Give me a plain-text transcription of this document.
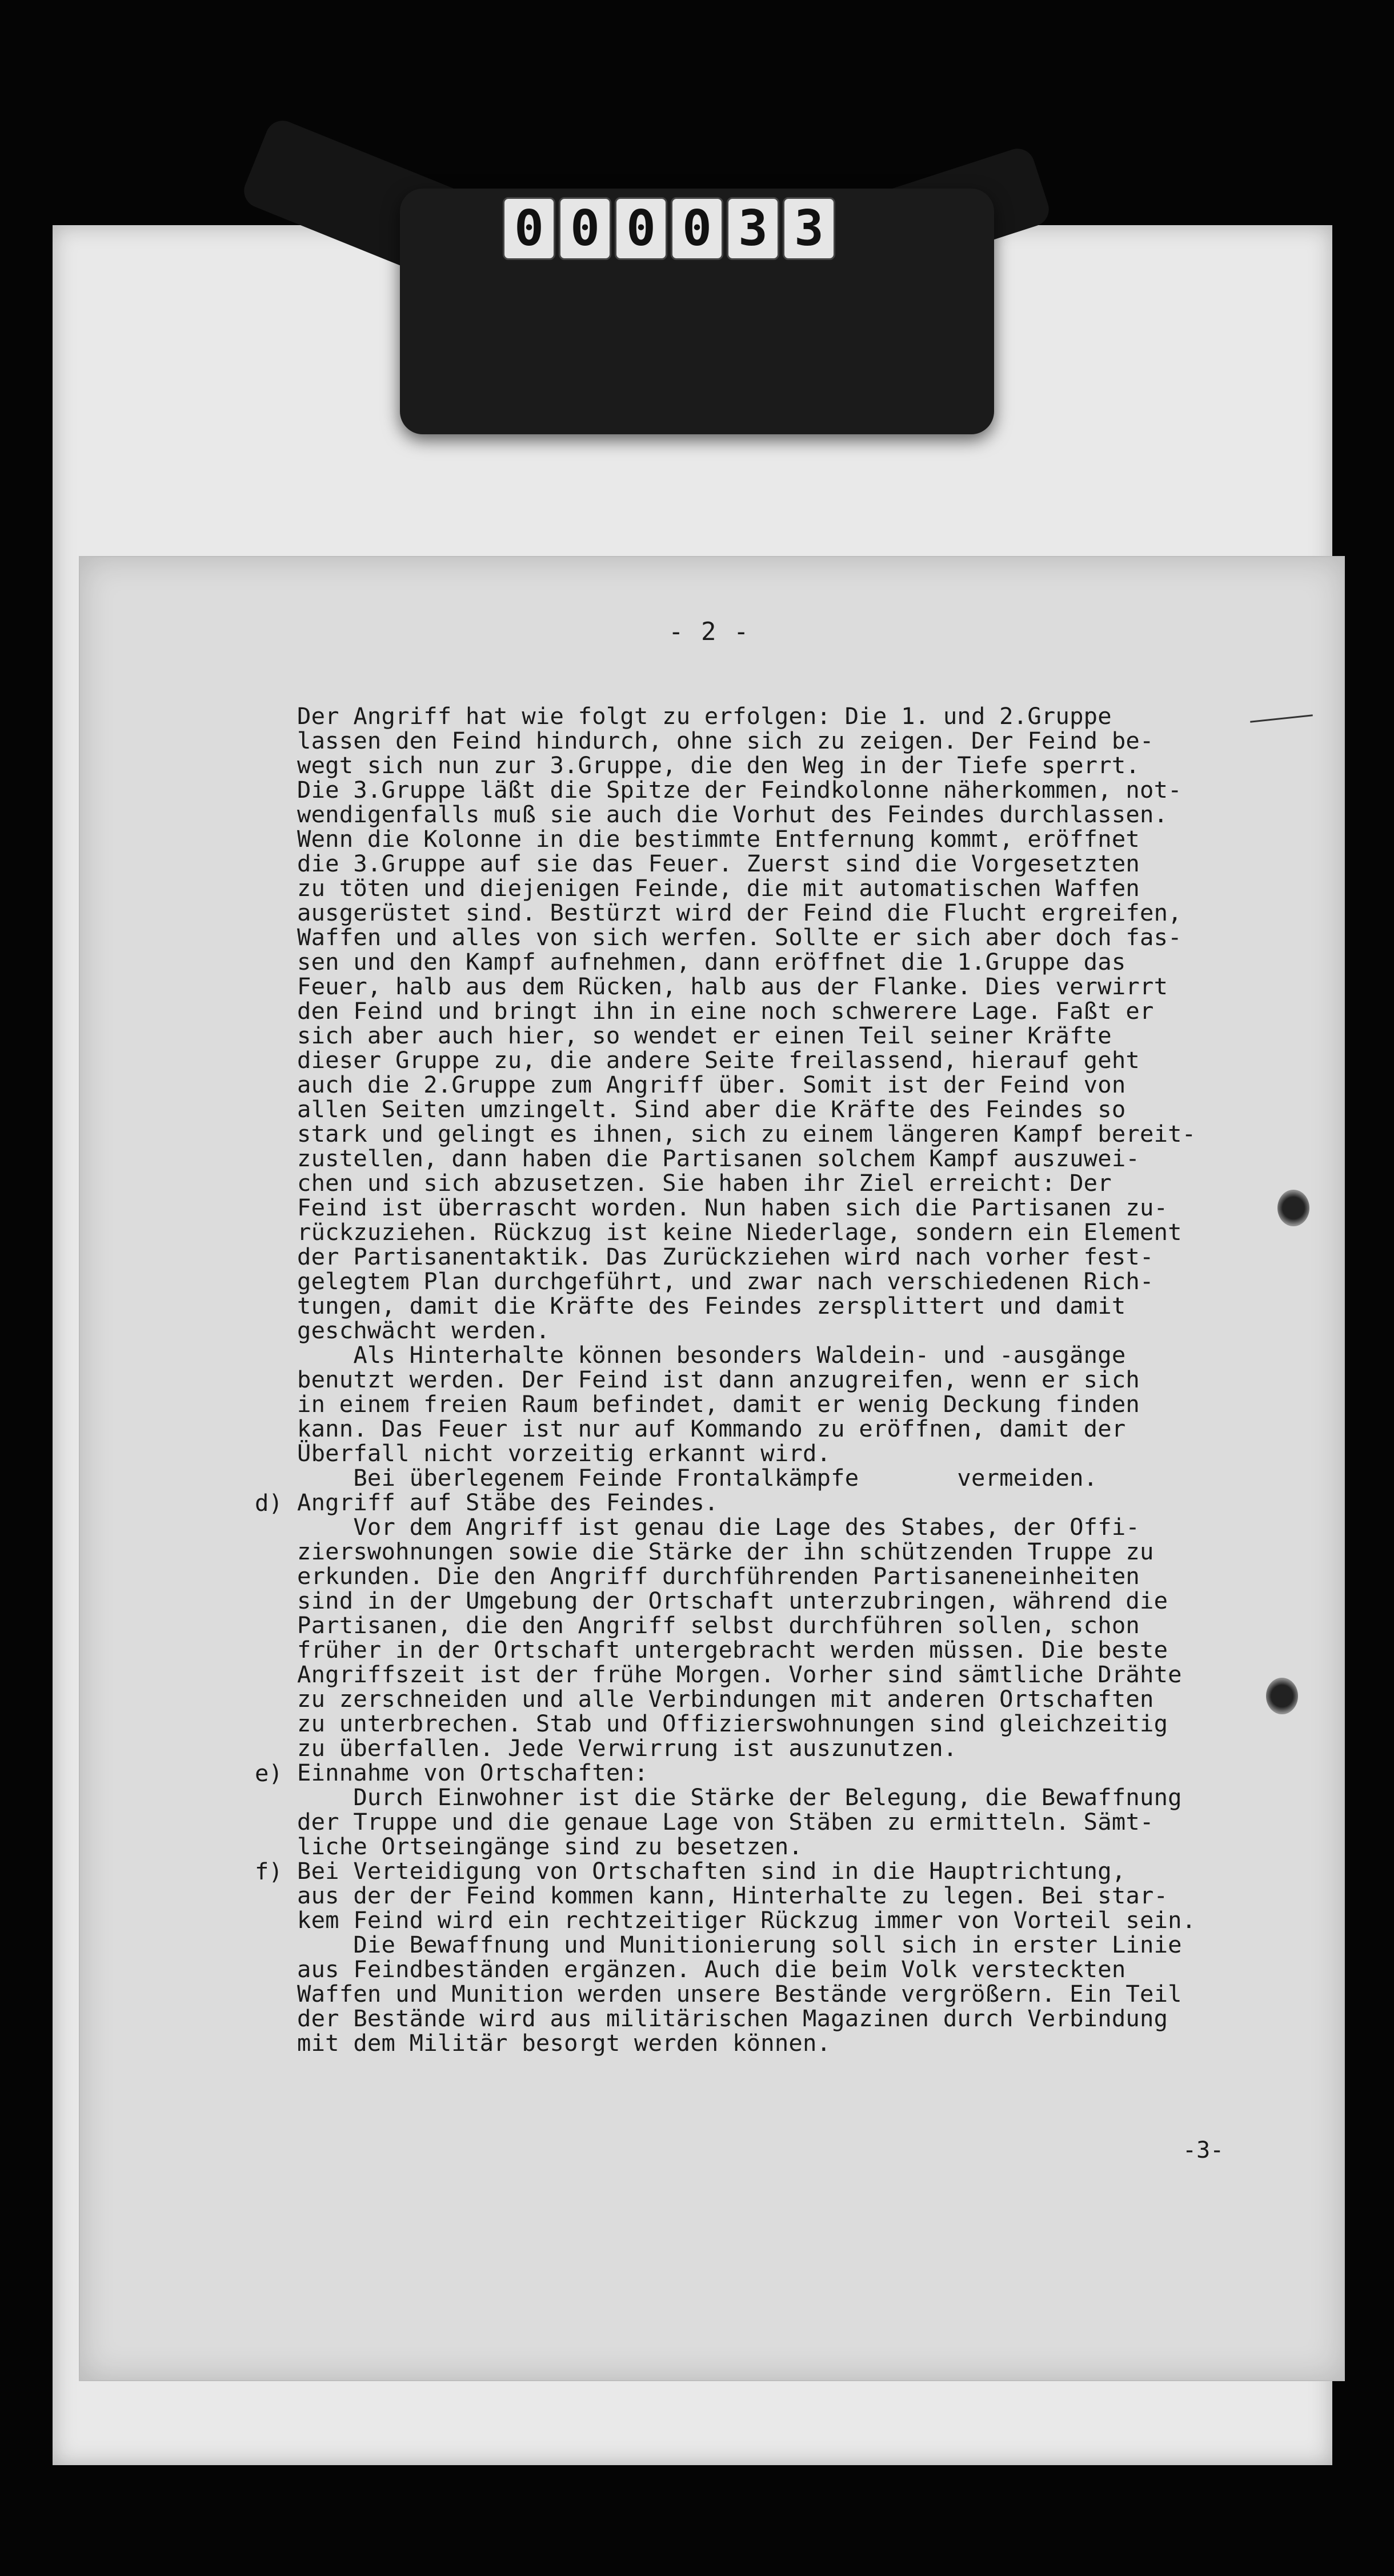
0 0 0 0 3 3
- 2 -
Der Angriff hat wie folgt zu erfolgen: Die 1. und 2.Gruppe
lassen den Feind hindurch, ohne sich zu zeigen. Der Feind be-
wegt sich nun zur 3.Gruppe, die den Weg in der Tiefe sperrt.
Die 3.Gruppe läßt die Spitze der Feindkolonne näherkommen, not-
wendigenfalls muß sie auch die Vorhut des Feindes durchlassen.
Wenn die Kolonne in die bestimmte Entfernung kommt, eröffnet
die 3.Gruppe auf sie das Feuer. Zuerst sind die Vorgesetzten
zu töten und diejenigen Feinde, die mit automatischen Waffen
ausgerüstet sind. Bestürzt wird der Feind die Flucht ergreifen,
Waffen und alles von sich werfen. Sollte er sich aber doch fas-
sen und den Kampf aufnehmen, dann eröffnet die 1.Gruppe das
Feuer, halb aus dem Rücken, halb aus der Flanke. Dies verwirrt
den Feind und bringt ihn in eine noch schwerere Lage. Faßt er
sich aber auch hier, so wendet er einen Teil seiner Kräfte
dieser Gruppe zu, die andere Seite freilassend, hierauf geht
auch die 2.Gruppe zum Angriff über. Somit ist der Feind von
allen Seiten umzingelt. Sind aber die Kräfte des Feindes so
stark und gelingt es ihnen, sich zu einem längeren Kampf bereit-
zustellen, dann haben die Partisanen solchem Kampf auszuwei-
chen und sich abzusetzen. Sie haben ihr Ziel erreicht: Der
Feind ist überrascht worden. Nun haben sich die Partisanen zu-
rückzuziehen. Rückzug ist keine Niederlage, sondern ein Element
der Partisanentaktik. Das Zurückziehen wird nach vorher fest-
gelegtem Plan durchgeführt, und zwar nach verschiedenen Rich-
tungen, damit die Kräfte des Feindes zersplittert und damit
geschwächt werden.
Als Hinterhalte können besonders Waldein- und -ausgänge
benutzt werden. Der Feind ist dann anzugreifen, wenn er sich
in einem freien Raum befindet, damit er wenig Deckung finden
kann. Das Feuer ist nur auf Kommando zu eröffnen, damit der
Überfall nicht vorzeitig erkannt wird.
Bei überlegenem Feinde Frontalkämpfe       vermeiden.
Angriff auf Stäbe des Feindes.
Vor dem Angriff ist genau die Lage des Stabes, der Offi-
zierswohnungen sowie die Stärke der ihn schützenden Truppe zu
erkunden. Die den Angriff durchführenden Partisaneneinheiten
sind in der Umgebung der Ortschaft unterzubringen, während die
Partisanen, die den Angriff selbst durchführen sollen, schon
früher in der Ortschaft untergebracht werden müssen. Die beste
Angriffszeit ist der frühe Morgen. Vorher sind sämtliche Drähte
zu zerschneiden und alle Verbindungen mit anderen Ortschaften
zu unterbrechen. Stab und Offizierswohnungen sind gleichzeitig
zu überfallen. Jede Verwirrung ist auszunutzen.
Einnahme von Ortschaften:
Durch Einwohner ist die Stärke der Belegung, die Bewaffnung
der Truppe und die genaue Lage von Stäben zu ermitteln. Sämt-
liche Ortseingänge sind zu besetzen.
Bei Verteidigung von Ortschaften sind in die Hauptrichtung,
aus der der Feind kommen kann, Hinterhalte zu legen. Bei star-
kem Feind wird ein rechtzeitiger Rückzug immer von Vorteil sein.
Die Bewaffnung und Munitionierung soll sich in erster Linie
aus Feindbeständen ergänzen. Auch die beim Volk versteckten
Waffen und Munition werden unsere Bestände vergrößern. Ein Teil
der Bestände wird aus militärischen Magazinen durch Verbindung
mit dem Militär besorgt werden können.
d)
e)
f)
-3-
